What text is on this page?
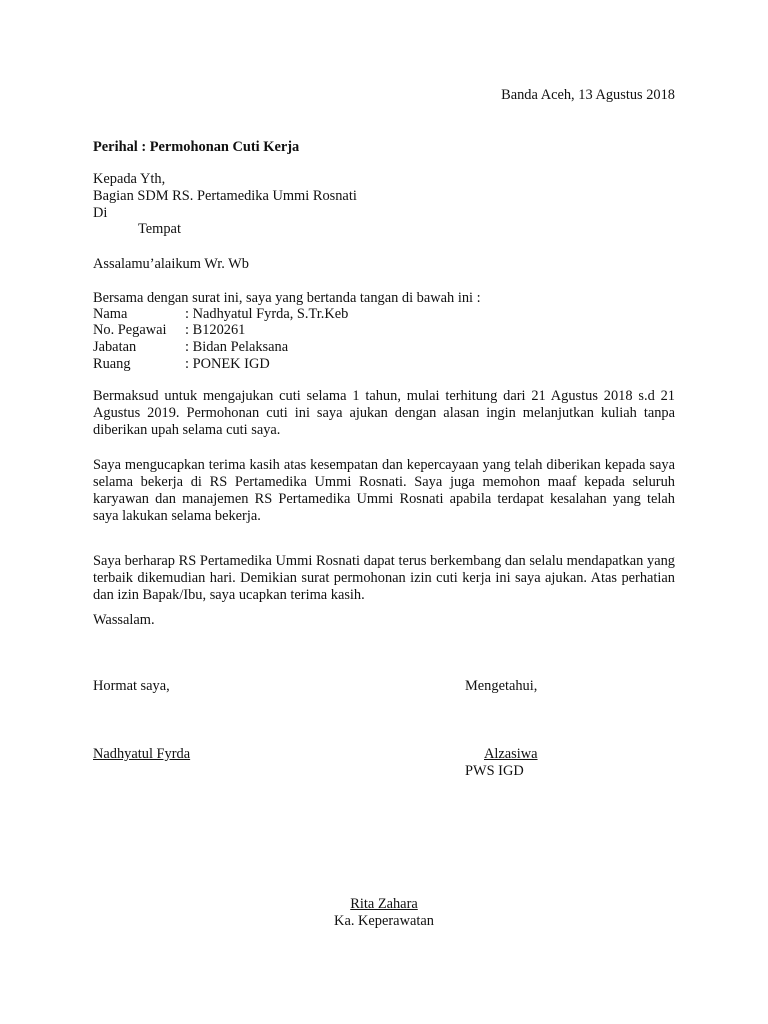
Banda Aceh, 13 Agustus 2018
Perihal : Permohonan Cuti Kerja
Kepada Yth,
Bagian SDM RS. Pertamedika Ummi Rosnati
Di
Tempat
Assalamu’alaikum Wr. Wb
Bersama dengan surat ini, saya yang bertanda tangan di bawah ini :
Nama	: Nadhyatul Fyrda, S.Tr.Keb
No. Pegawai : B120261
Jabatan	: Bidan Pelaksana
Ruang	: PONEK IGD
Bermaksud untuk mengajukan cuti selama 1 tahun, mulai terhitung dari 21 Agustus 2018 s.d 21 Agustus 2019. Permohonan cuti ini saya ajukan dengan alasan ingin melanjutkan kuliah tanpa diberikan upah selama cuti saya.
Saya mengucapkan terima kasih atas kesempatan dan kepercayaan yang telah diberikan kepada saya selama bekerja di RS Pertamedika Ummi Rosnati. Saya juga memohon maaf kepada seluruh karyawan dan manajemen RS Pertamedika Ummi Rosnati apabila terdapat kesalahan yang telah saya lakukan selama bekerja.
Saya berharap RS Pertamedika Ummi Rosnati dapat terus berkembang dan selalu mendapatkan yang terbaik dikemudian hari. Demikian surat permohonan izin cuti kerja ini saya ajukan. Atas perhatian dan izin Bapak/Ibu, saya ucapkan terima kasih.
Wassalam.
Hormat saya,	Mengetahui,
Nadhyatul Fyrda	Alzasiwa
PWS IGD
Rita Zahara
Ka. Keperawatan
